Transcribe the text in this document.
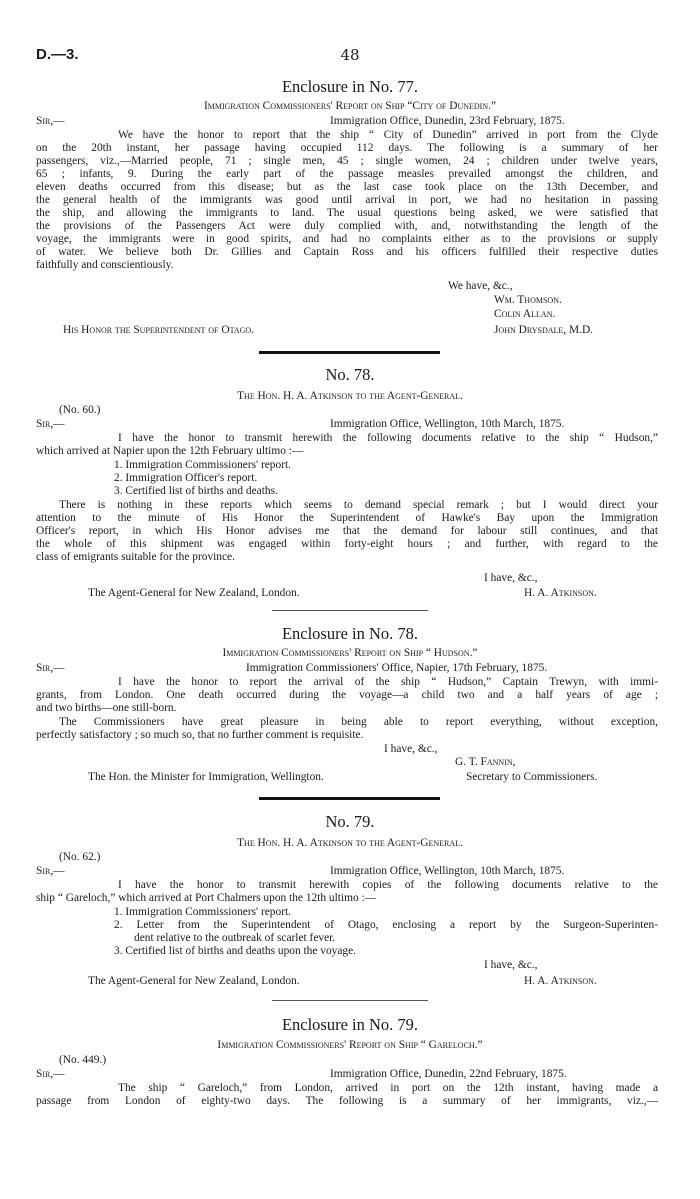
D.—3.	48
Enclosure in No. 77.
Immigration Commissioners' Report on Ship “City of Dunedin.”
Sir,—	Immigration Office, Dunedin, 23rd February, 1875.
We have the honor to report that the ship “ City of Dunedin” arrived in port from the Clyde
on the 20th instant, her passage having occupied 112 days. The following is a summary of her
passengers, viz.,—Married people, 71 ; single men, 45 ; single women, 24 ; children under twelve years,
65 ; infants, 9. During the early part of the passage measles prevailed amongst the children, and
eleven deaths occurred from this disease; but as the last case took place on the 13th December, and
the general health of the immigrants was good until arrival in port, we had no hesitation in passing
the ship, and allowing the immigrants to land. The usual questions being asked, we were satisfied that
the provisions of the Passengers Act were duly complied with, and, notwithstanding the length of the
voyage, the immigrants were in good spirits, and had no complaints either as to the provisions or supply
of water. We believe both Dr. Gillies and Captain Ross and his officers fulfilled their respective duties
faithfully and conscientiously.
We have, &c.,
Wm. Thomson.
Colin Allan.
His Honor the Superintendent of Otago.	John Drysdale, M.D.
No. 78.
The Hon. H. A. Atkinson to the Agent-General.
(No. 60.)
Sir,—	Immigration Office, Wellington, 10th March, 1875.
I have the honor to transmit herewith the following documents relative to the ship “ Hudson,”
which arrived at Napier upon the 12th February ultimo :—
1. Immigration Commissioners' report.
2. Immigration Officer's report.
3. Certified list of births and deaths.
There is nothing in these reports which seems to demand special remark ; but I would direct your
attention to the minute of His Honor the Superintendent of Hawke's Bay upon the Immigration
Officer's report, in which His Honor advises me that the demand for labour still continues, and that
the whole of this shipment was engaged within forty-eight hours ; and further, with regard to the
class of emigrants suitable for the province.
I have, &c.,
The Agent-General for New Zealand, London.	H. A. Atkinson.
Enclosure in No. 78.
Immigration Commissioners' Report on Ship “ Hudson.”
Sir,—	Immigration Commissioners' Office, Napier, 17th February, 1875.
I have the honor to report the arrival of the ship “ Hudson,” Captain Trewyn, with immi-
grants, from London. One death occurred during the voyage—a child two and a half years of age ;
and two births—one still-born.
The Commissioners have great pleasure in being able to report everything, without exception,
perfectly satisfactory ; so much so, that no further comment is requisite.
I have, &c.,
G. T. Fannin,
The Hon. the Minister for Immigration, Wellington.	Secretary to Commissioners.
No. 79.
The Hon. H. A. Atkinson to the Agent-General.
(No. 62.)
Sir,—	Immigration Office, Wellington, 10th March, 1875.
I have the honor to transmit herewith copies of the following documents relative to the
ship “ Gareloch,” which arrived at Port Chalmers upon the 12th ultimo :—
1. Immigration Commissioners' report.
2. Letter from the Superintendent of Otago, enclosing a report by the Surgeon-Superinten-
dent relative to the outbreak of scarlet fever.
3. Certified list of births and deaths upon the voyage.
I have, &c.,
The Agent-General for New Zealand, London.	H. A. Atkinson.
Enclosure in No. 79.
Immigration Commissioners' Report on Ship “ Gareloch.”
(No. 449.)
Sir,—	Immigration Office, Dunedin, 22nd February, 1875.
The ship “ Gareloch,” from London, arrived in port on the 12th instant, having made a
passage from London of eighty-two days. The following is a summary of her immigrants, viz.,—
